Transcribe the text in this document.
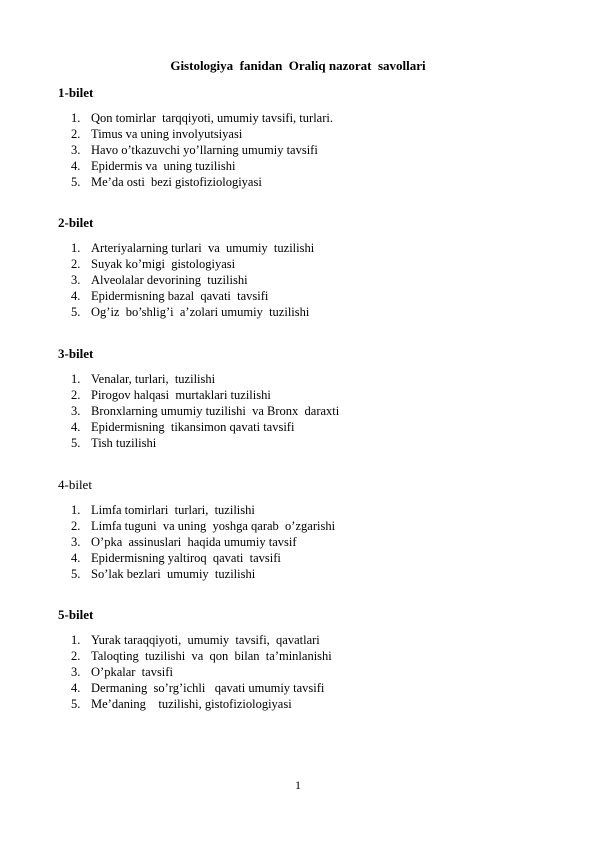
Gistologiya  fanidan  Oraliq nazorat  savollari
1-bilet
1. Qon tomirlar  tarqqiyoti, umumiy tavsifi, turlari.
2. Timus va uning involyutsiyasi
3. Havo o’tkazuvchi yo’llarning umumiy tavsifi
4. Epidermis va  uning tuzilishi
5. Me’da osti  bezi gistofiziologiyasi
2-bilet
1. Arteriyalarning turlari  va  umumiy  tuzilishi
2. Suyak ko’migi  gistologiyasi
3. Alveolalar devorining  tuzilishi
4. Epidermisning bazal  qavati  tavsifi
5. Og’iz  bo’shlig’i  a’zolari umumiy  tuzilishi
3-bilet
1. Venalar, turlari,  tuzilishi
2. Pirogov halqasi  murtaklari tuzilishi
3. Bronxlarning umumiy tuzilishi  va Bronx  daraxti
4. Epidermisning  tikansimon qavati tavsifi
5. Tish tuzilishi
4-bilet
1. Limfa tomirlari  turlari,  tuzilishi
2. Limfa tuguni  va uning  yoshga qarab  o’zgarishi
3. O’pka  assinuslari  haqida umumiy tavsif
4. Epidermisning yaltiroq  qavati  tavsifi
5. So’lak bezlari  umumiy  tuzilishi
5-bilet
1. Yurak taraqqiyoti,  umumiy  tavsifi,  qavatlari
2. Taloqting  tuzilishi  va  qon  bilan  ta’minlanishi
3. O’pkalar  tavsifi
4. Dermaning  so’rg’ichli   qavati umumiy tavsifi
5. Me’daning    tuzilishi, gistofiziologiyasi
1
